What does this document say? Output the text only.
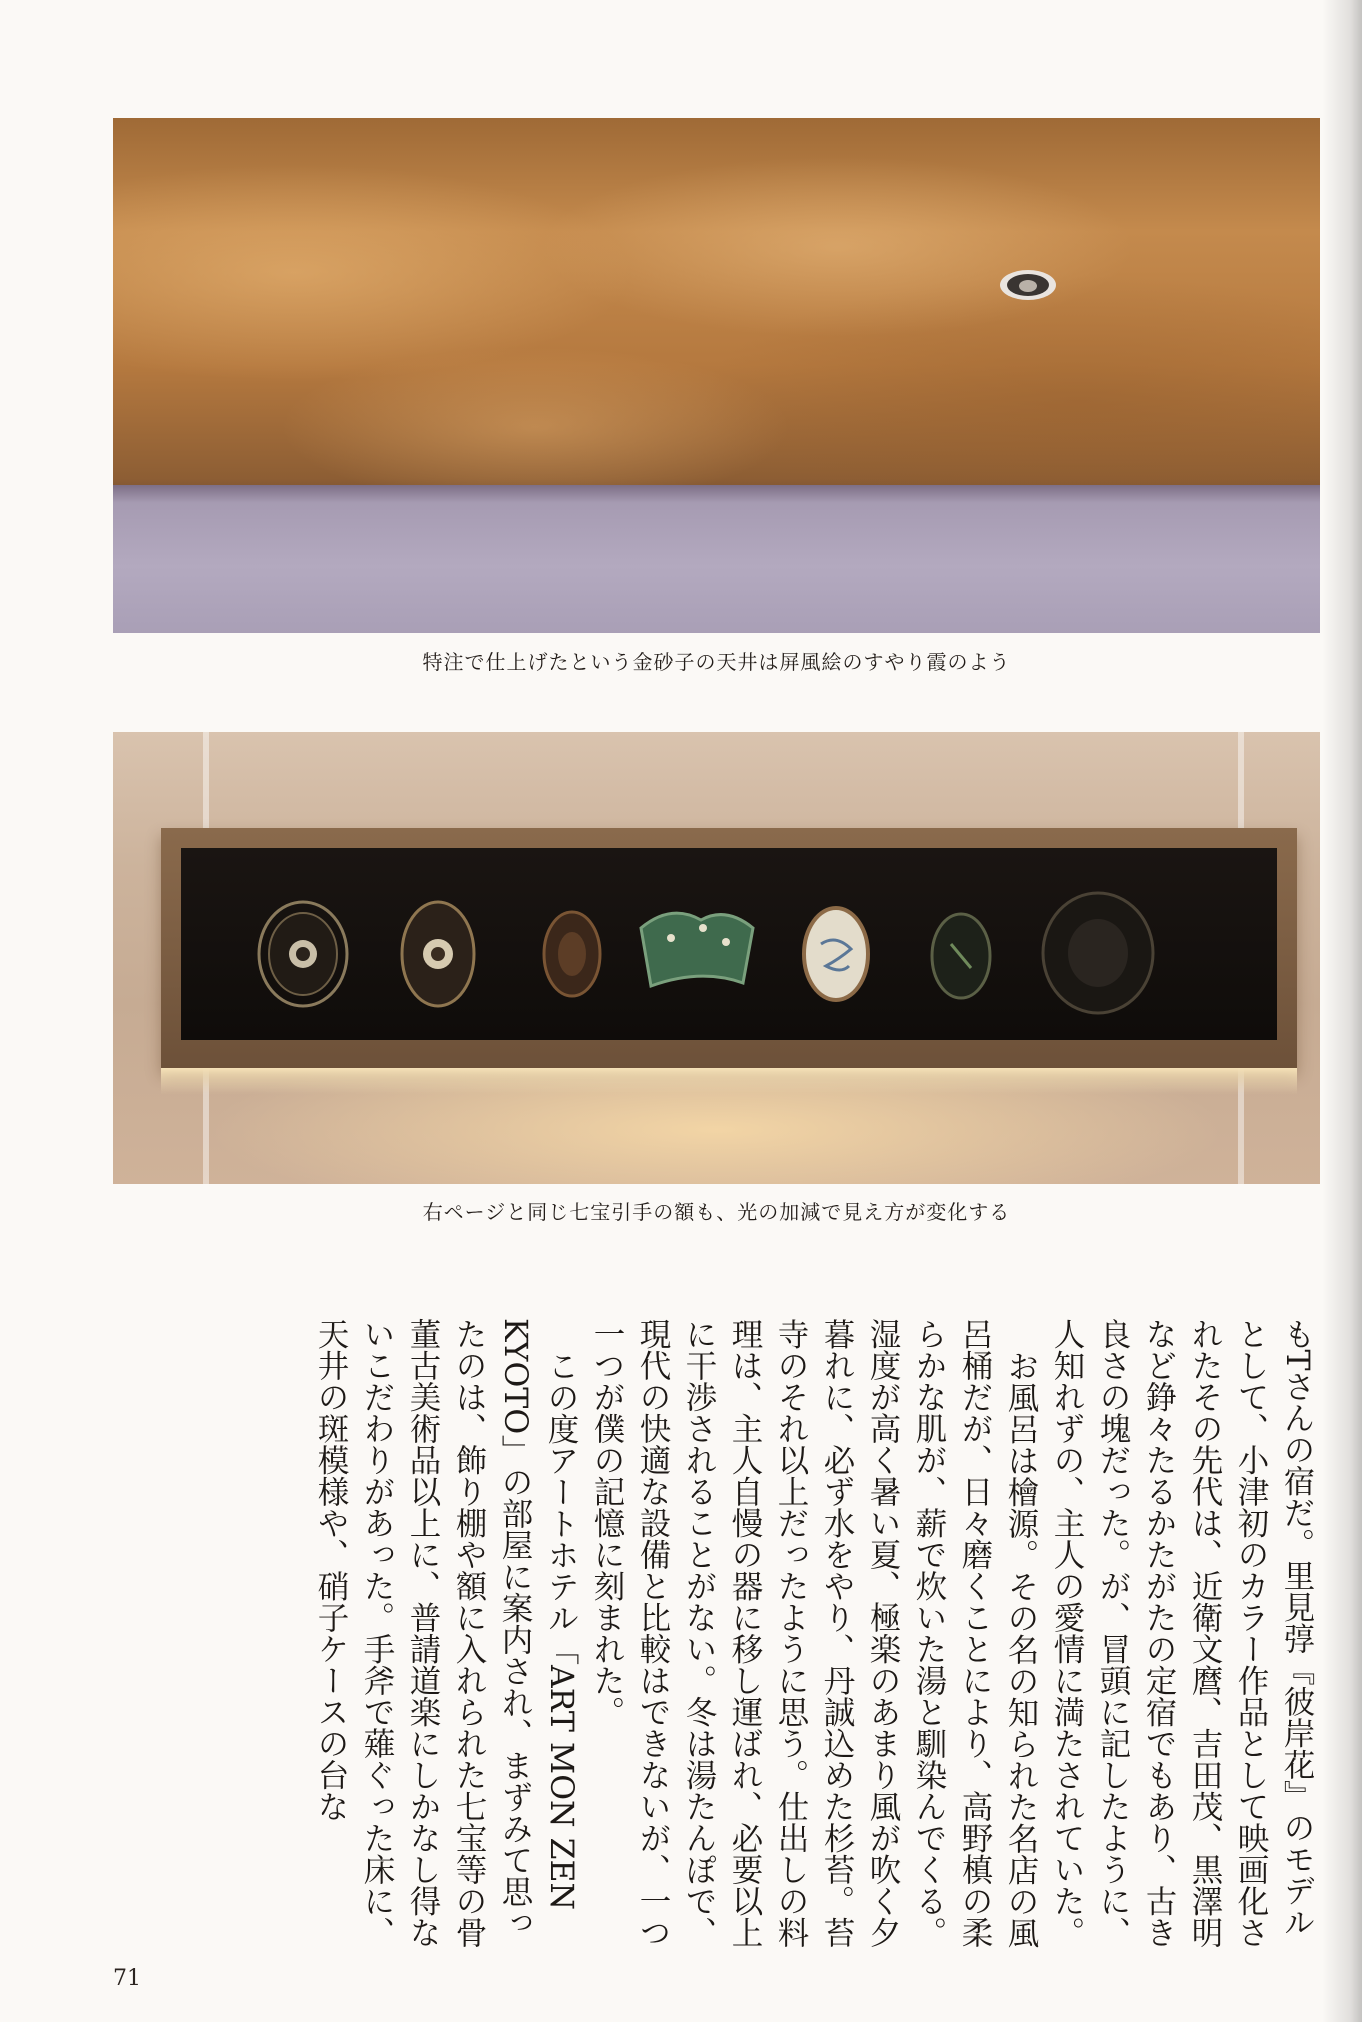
特注で仕上げたという金砂子の天井は屏風絵のすやり霞のよう
右ページと同じ七宝引手の額も、光の加減で見え方が変化する

もTさんの宿だ。里見弴『彼岸花』のモデルとして、小津初のカラー作品として映画化されたその先代は、近衛文麿、吉田茂、黒澤明など錚々たるかたがたの定宿でもあり、古き良さの塊だった。が、冒頭に記したように、人知れずの、主人の愛情に満たされていた。

お風呂は檜源。その名の知られた名店の風呂桶だが、日々磨くことにより、高野槙の柔らかな肌が、薪で炊いた湯と馴染んでくる。湿度が高く暑い夏、極楽のあまり風が吹く夕暮れに、必ず水をやり、丹誠込めた杉苔。苔寺のそれ以上だったように思う。仕出しの料理は、主人自慢の器に移し運ばれ、必要以上に干渉されることがない。冬は湯たんぽで、現代の快適な設備と比較はできないが、一つ一つが僕の記憶に刻まれた。

この度アートホテル「ART MON ZEN KYOTO」の部屋に案内され、まずみて思ったのは、飾り棚や額に入れられた七宝等の骨董古美術品以上に、普請道楽にしかなし得ないこだわりがあった。手斧で薙ぐった床に、天井の斑模様や、硝子ケースの台な

71
